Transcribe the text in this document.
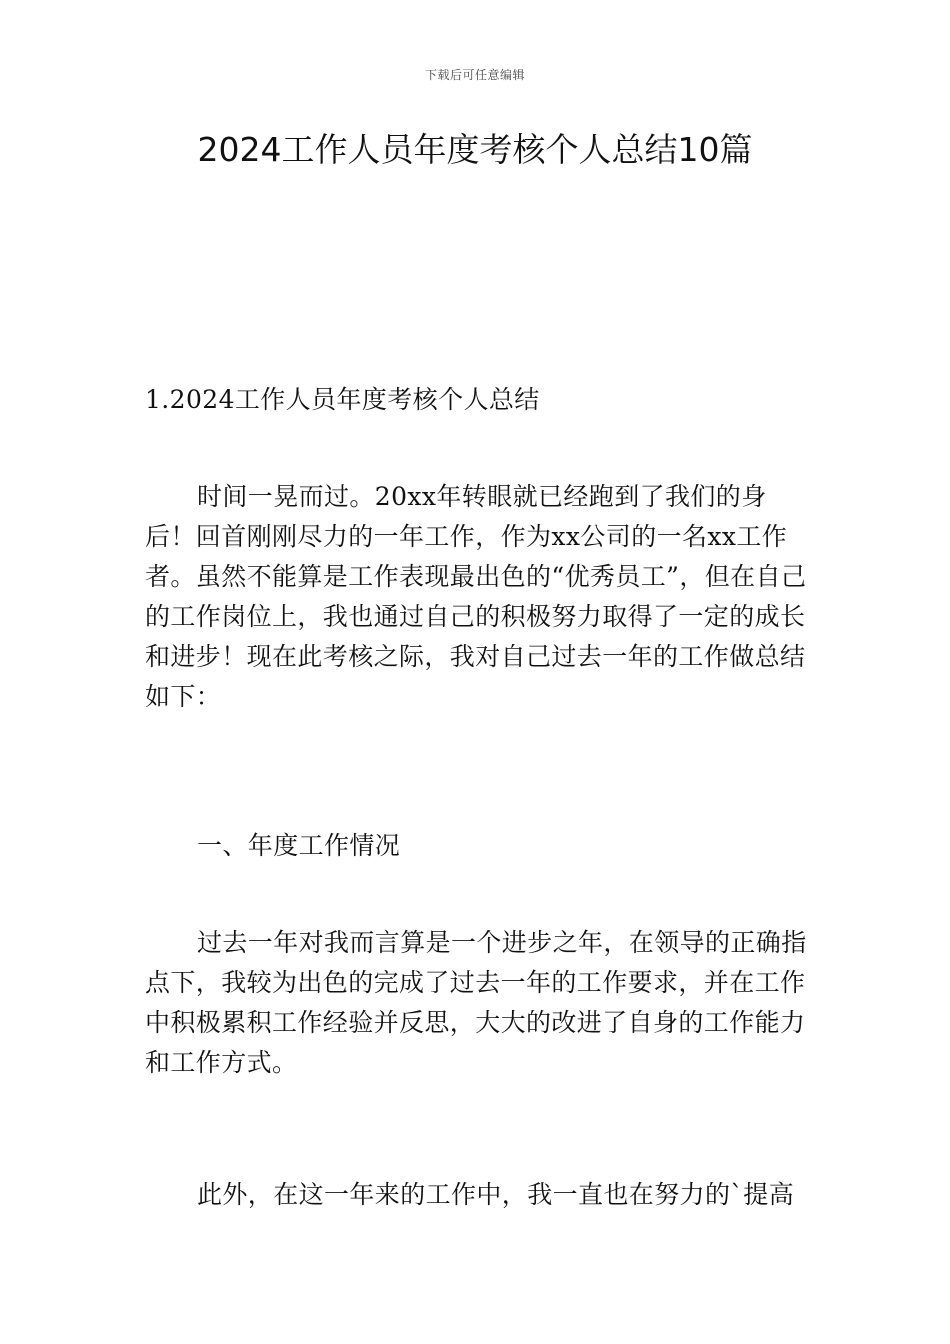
下载后可任意编辑
2024工作人员年度考核个人总结10篇
1.2024工作人员年度考核个人总结
时间一晃而过。20xx年转眼就已经跑到了我们的身后！回首刚刚尽力的一年工作，作为xx公司的一名xx工作者。虽然不能算是工作表现最出色的“优秀员工”，但在自己的工作岗位上，我也通过自己的积极努力取得了一定的成长和进步！现在此考核之际，我对自己过去一年的工作做总结如下：
一、年度工作情况
过去一年对我而言算是一个进步之年，在领导的正确指点下，我较为出色的完成了过去一年的工作要求，并在工作中积极累积工作经验并反思，大大的改进了自身的工作能力和工作方式。
此外，在这一年来的工作中，我一直也在努力的`提高
